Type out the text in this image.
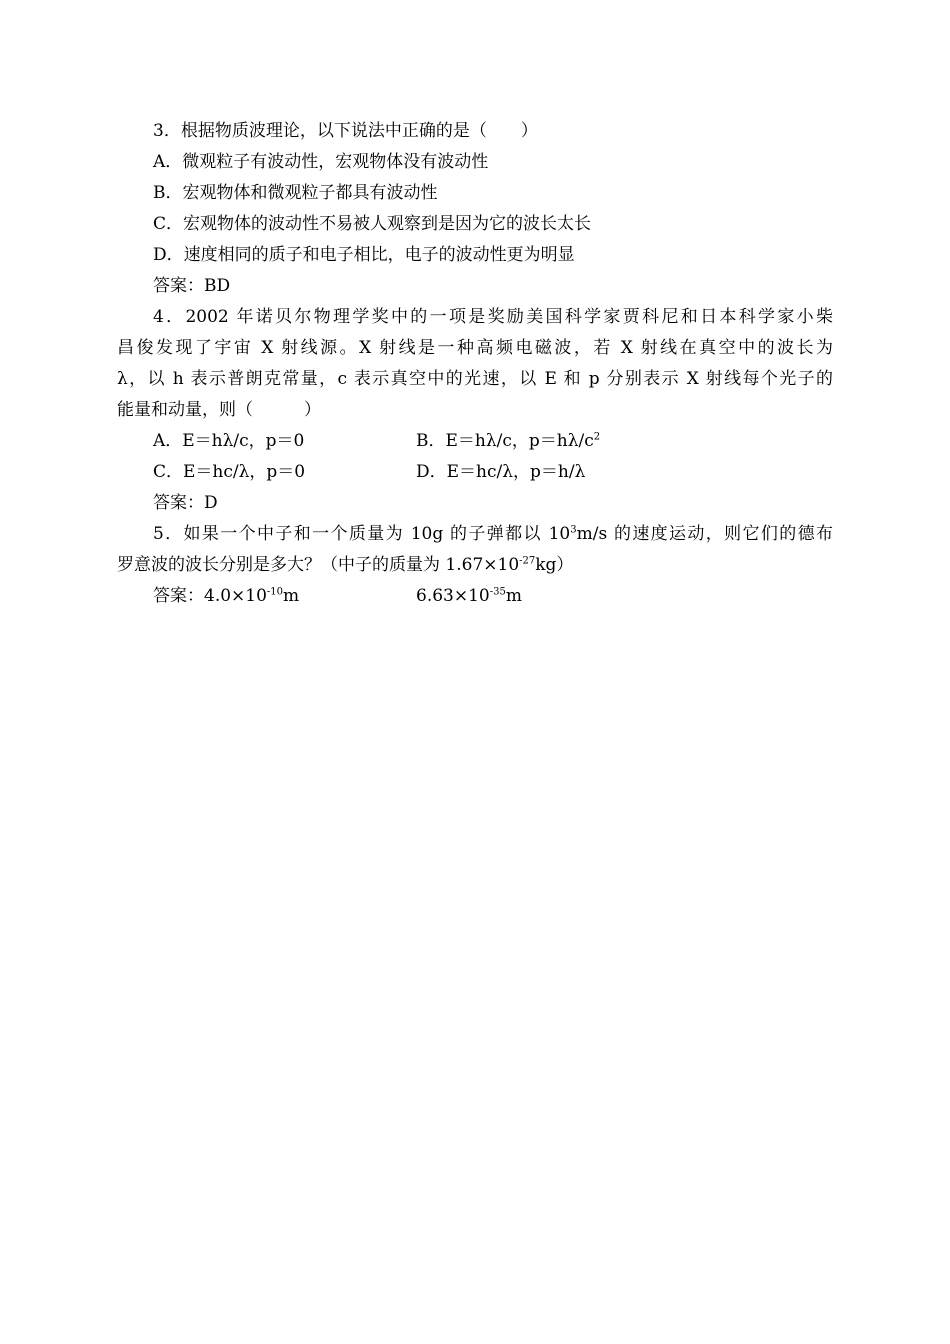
3．根据物质波理论，以下说法中正确的是（　　）
A．微观粒子有波动性，宏观物体没有波动性
B．宏观物体和微观粒子都具有波动性
C．宏观物体的波动性不易被人观察到是因为它的波长太长
D．速度相同的质子和电子相比，电子的波动性更为明显
答案：BD
4．2002 年诺贝尔物理学奖中的一项是奖励美国科学家贾科尼和日本科学家小柴
昌俊发现了宇宙 X 射线源。X 射线是一种高频电磁波，若 X 射线在真空中的波长为
λ，以 h 表示普朗克常量，c 表示真空中的光速，以 E 和 p 分别表示 X 射线每个光子的
能量和动量，则（　　　）
A．E＝hλ/c，p＝0	B．E＝hλ/c，$p=h\lambda/c^2$
C．E＝hc/λ，p＝0	D．E＝hc/λ，p＝h/λ
答案：D
5．如果一个中子和一个质量为 10g 的子弹都以 $10^3m/s$ 的速度运动，则它们的德布
罗意波的波长分别是多大？（中子的质量为 $1.67\times 10^{-27}kg$）
答案：$4.0\times 10^{-10}m$	$6.63\times 10^{-35}m$
